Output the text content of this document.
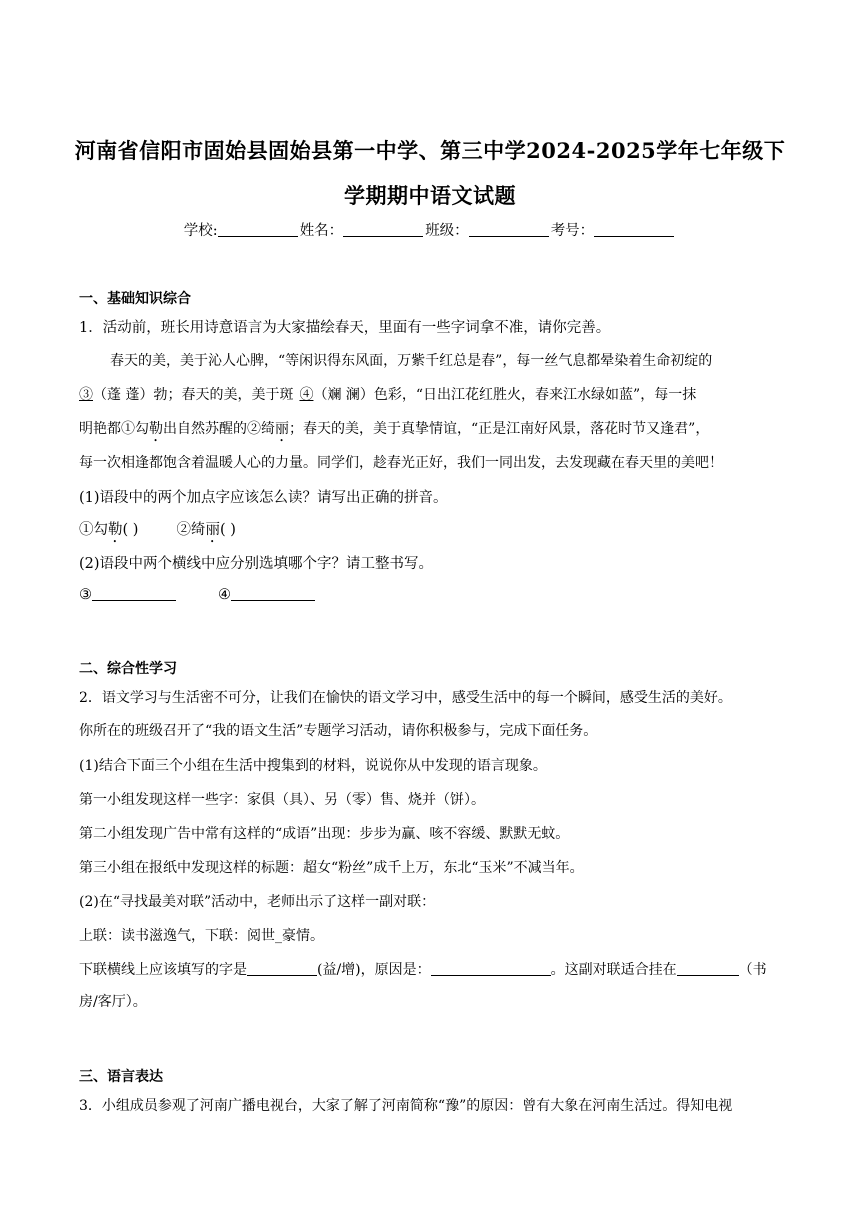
河南省信阳市固始县固始县第一中学、第三中学2024-2025学年七年级下
学期期中语文试题
学校:	姓名：	班级：	考号：
一、基础知识综合
1．活动前，班长用诗意语言为大家描绘春天，里面有一些字词拿不准，请你完善。
春天的美，美于沁人心脾，“等闲识得东风面，万紫千红总是春”，每一丝气息都晕染着生命初绽的
③（蓬 蓬）勃；春天的美，美于斑 ④（斓 澜）色彩，“日出江花红胜火，春来江水绿如蓝”，每一抹
明艳都①勾勒出自然苏醒的②绮丽；春天的美，美于真挚情谊，“正是江南好风景，落花时节又逢君”，
每一次相逢都饱含着温暖人心的力量。同学们，趁春光正好，我们一同出发，去发现藏在春天里的美吧！
(1)语段中的两个加点字应该怎么读？请写出正确的拼音。
①勾勒( )	②绮丽( )
(2)语段中两个横线中应分别选填哪个字？请工整书写。
③	④
二、综合性学习
2．语文学习与生活密不可分，让我们在愉快的语文学习中，感受生活中的每一个瞬间，感受生活的美好。
你所在的班级召开了“我的语文生活”专题学习活动，请你积极参与，完成下面任务。
(1)结合下面三个小组在生活中搜集到的材料，说说你从中发现的语言现象。
第一小组发现这样一些字：家俱（具）、另（零）售、烧并（饼）。
第二小组发现广告中常有这样的“成语”出现：步步为赢、咳不容缓、默默无蚊。
第三小组在报纸中发现这样的标题：超女“粉丝”成千上万，东北“玉米”不减当年。
(2)在“寻找最美对联”活动中，老师出示了这样一副对联：
上联：读书滋逸气，下联：阅世_豪情。
下联横线上应该填写的字是	(益/增)，原因是：	。这副对联适合挂在	（书
房/客厅）。
三、语言表达
3．小组成员参观了河南广播电视台，大家了解了河南简称“豫”的原因：曾有大象在河南生活过。得知电视
